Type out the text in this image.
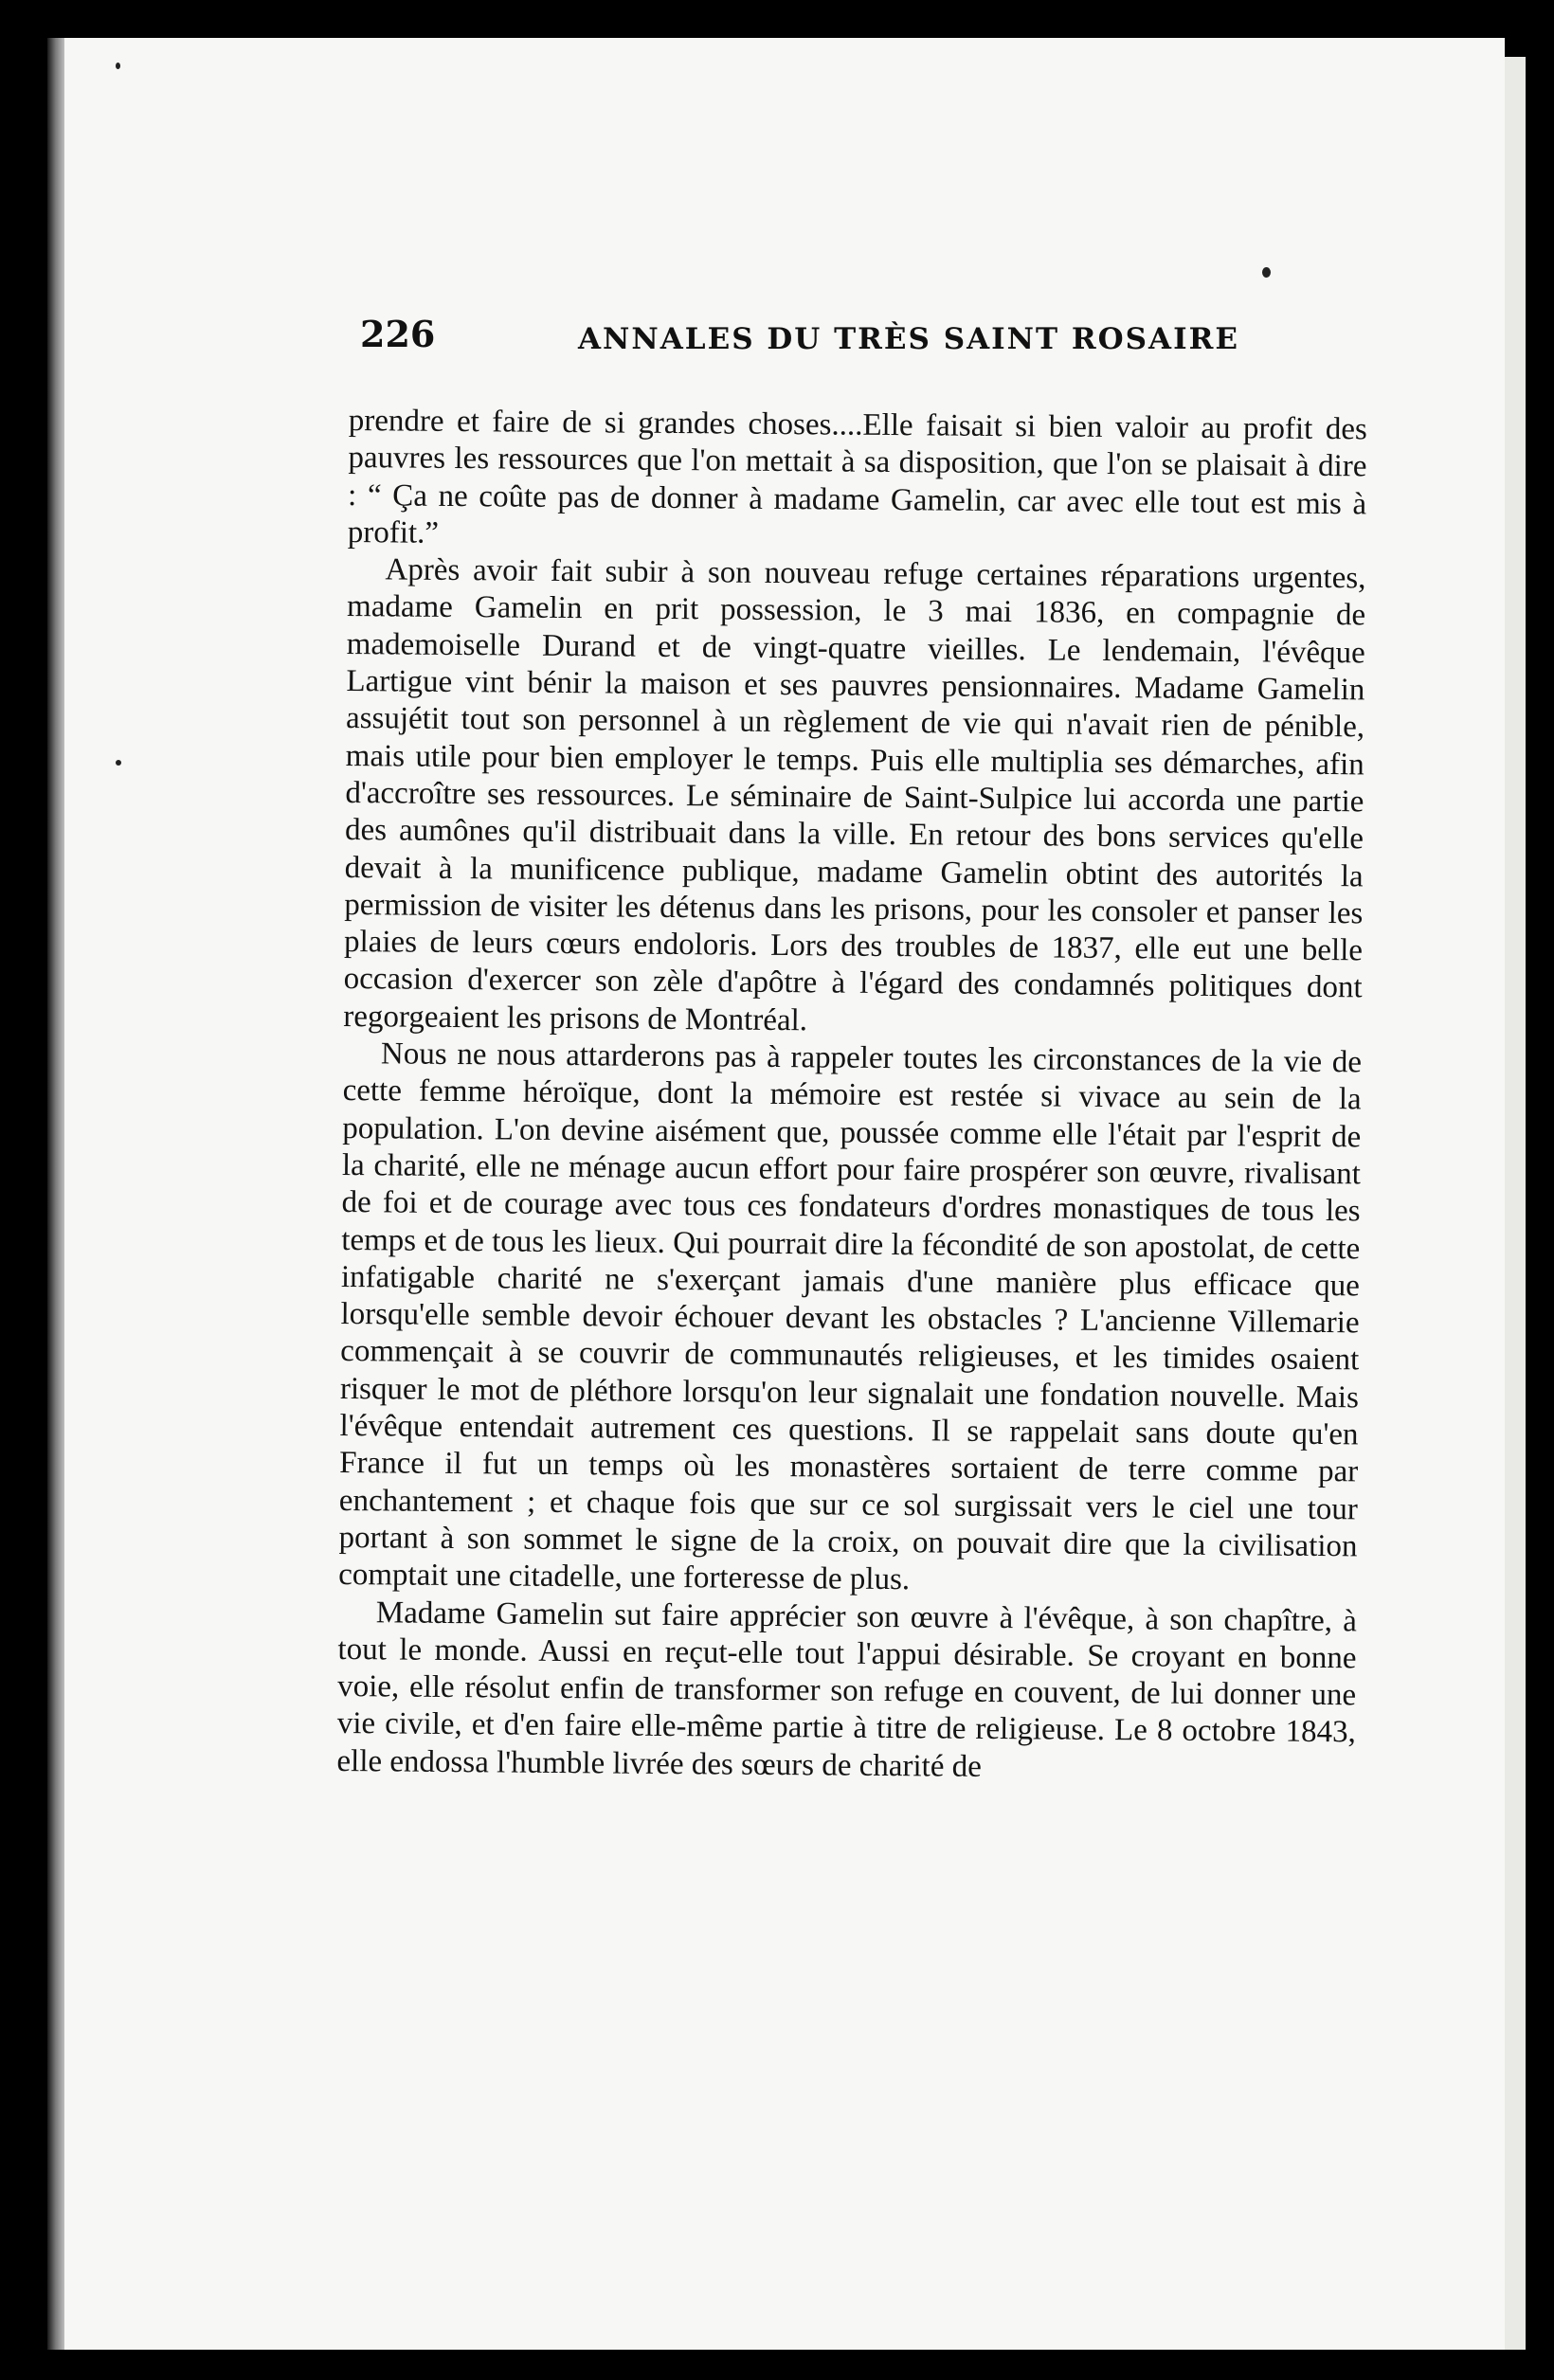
226	ANNALES DU TRÈS SAINT ROSAIRE

prendre et faire de si grandes choses....Elle faisait si bien valoir au profit des pauvres les ressources que l'on mettait à sa disposition, que l'on se plaisait à dire : “ Ça ne coûte pas de donner à madame Gamelin, car avec elle tout est mis à profit.”

Après avoir fait subir à son nouveau refuge certaines réparations urgentes, madame Gamelin en prit possession, le 3 mai 1836, en compagnie de mademoiselle Durand et de vingt-quatre vieilles. Le lendemain, l'évêque Lartigue vint bénir la maison et ses pauvres pensionnaires. Madame Gamelin assujétit tout son personnel à un règlement de vie qui n'avait rien de pénible, mais utile pour bien employer le temps. Puis elle multiplia ses démarches, afin d'accroître ses ressources. Le séminaire de Saint-Sulpice lui accorda une partie des aumônes qu'il distribuait dans la ville. En retour des bons services qu'elle devait à la munificence publique, madame Gamelin obtint des autorités la permission de visiter les détenus dans les prisons, pour les consoler et panser les plaies de leurs cœurs endoloris. Lors des troubles de 1837, elle eut une belle occasion d'exercer son zèle d'apôtre à l'égard des condamnés politiques dont regorgeaient les prisons de Montréal.

Nous ne nous attarderons pas à rappeler toutes les circonstances de la vie de cette femme héroïque, dont la mémoire est restée si vivace au sein de la population. L'on devine aisément que, poussée comme elle l'était par l'esprit de la charité, elle ne ménage aucun effort pour faire prospérer son œuvre, rivalisant de foi et de courage avec tous ces fondateurs d'ordres monastiques de tous les temps et de tous les lieux. Qui pourrait dire la fécondité de son apostolat, de cette infatigable charité ne s'exerçant jamais d'une manière plus efficace que lorsqu'elle semble devoir échouer devant les obstacles ? L'ancienne Villemarie commençait à se couvrir de communautés religieuses, et les timides osaient risquer le mot de pléthore lorsqu'on leur signalait une fondation nouvelle. Mais l'évêque entendait autrement ces questions. Il se rappelait sans doute qu'en France il fut un temps où les monastères sortaient de terre comme par enchantement ; et chaque fois que sur ce sol surgissait vers le ciel une tour portant à son sommet le signe de la croix, on pouvait dire que la civilisation comptait une citadelle, une forteresse de plus.

Madame Gamelin sut faire apprécier son œuvre à l'évêque, à son chapître, à tout le monde. Aussi en reçut-elle tout l'appui désirable. Se croyant en bonne voie, elle résolut enfin de transformer son refuge en couvent, de lui donner une vie civile, et d'en faire elle-même partie à titre de religieuse. Le 8 octobre 1843, elle endossa l'humble livrée des sœurs de charité de
